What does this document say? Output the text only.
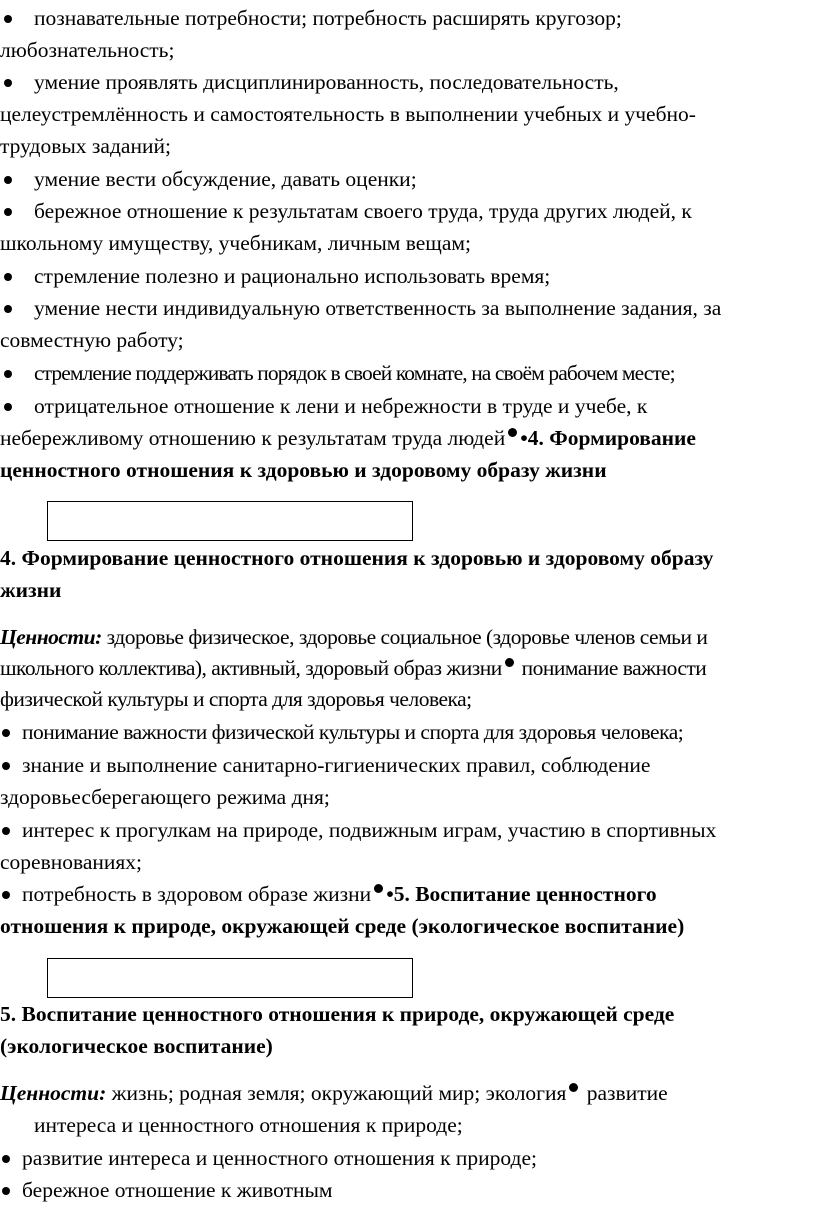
познавательные потребности; потребность расширять кругозор;
любознательность;
умение проявлять дисциплинированность, последовательность,
целеустремлённость и самостоятельность в выполнении учебных и учебно-
трудовых заданий;
умение вести обсуждение, давать оценки;
бережное отношение к результатам своего труда, труда других людей, к
школьному имуществу, учебникам, личным вещам;
стремление полезно и рационально использовать время;
умение нести индивидуальную ответственность за выполнение задания, за
совместную работу;
стремление поддерживать порядок в своей комнате, на своём рабочем месте;
отрицательное отношение к лени и небрежности в труде и учебе, к
небережливому отношению к результатам труда людей •4. Формирование
ценностного отношения к здоровью и здоровому образу жизни
4. Формирование ценностного отношения к здоровью и здоровому образу
жизни
Ценности: здоровье физическое, здоровье социальное (здоровье членов семьи и
школьного коллектива), активный, здоровый образ жизни понимание важности
физической культуры и спорта для здоровья человека;
понимание важности физической культуры и спорта для здоровья человека;
знание и выполнение санитарно-гигиенических правил, соблюдение
здоровьесберегающего режима дня;
интерес к прогулкам на природе, подвижным играм, участию в спортивных
соревнованиях;
потребность в здоровом образе жизни •5. Воспитание ценностного
отношения к природе, окружающей среде (экологическое воспитание)
5. Воспитание ценностного отношения к природе, окружающей среде
(экологическое воспитание)
Ценности: жизнь; родная земля; окружающий мир; экология развитие
интереса и ценностного отношения к природе;
развитие интереса и ценностного отношения к природе;
бережное отношение к животным
